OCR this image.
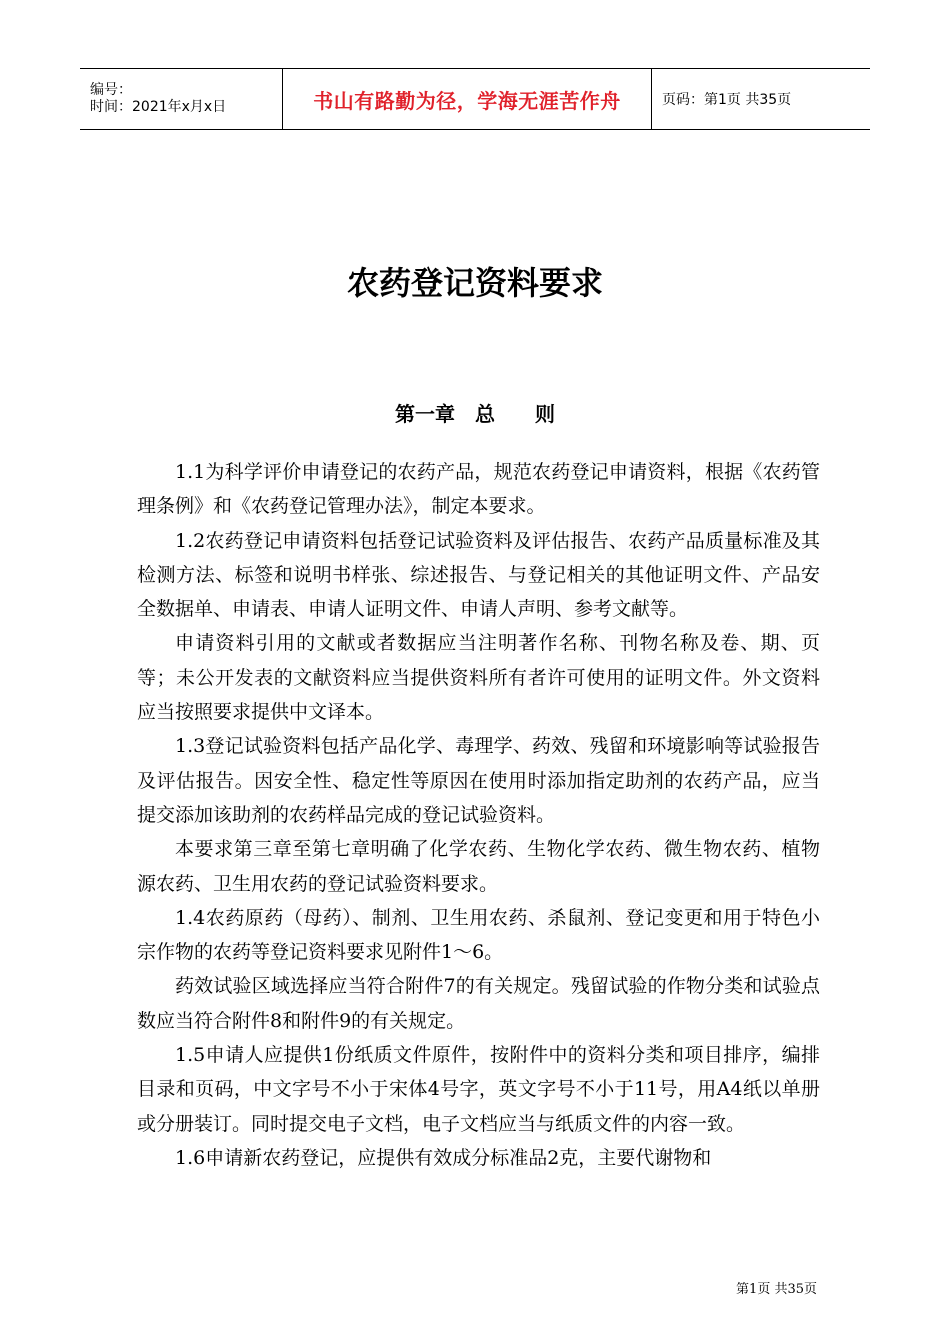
编号：
时间：2021年x月x日	书山有路勤为径，学海无涯苦作舟	页码：第1页 共35页
农药登记资料要求
第一章　总　　则

1.1为科学评价申请登记的农药产品，规范农药登记申请资料，根据《农药管理条例》和《农药登记管理办法》，制定本要求。

1.2农药登记申请资料包括登记试验资料及评估报告、农药产品质量标准及其检测方法、标签和说明书样张、综述报告、与登记相关的其他证明文件、产品安全数据单、申请表、申请人证明文件、申请人声明、参考文献等。

申请资料引用的文献或者数据应当注明著作名称、刊物名称及卷、期、页等；未公开发表的文献资料应当提供资料所有者许可使用的证明文件。外文资料应当按照要求提供中文译本。

1.3登记试验资料包括产品化学、毒理学、药效、残留和环境影响等试验报告及评估报告。因安全性、稳定性等原因在使用时添加指定助剂的农药产品，应当提交添加该助剂的农药样品完成的登记试验资料。

本要求第三章至第七章明确了化学农药、生物化学农药、微生物农药、植物源农药、卫生用农药的登记试验资料要求。

1.4农药原药（母药）、制剂、卫生用农药、杀鼠剂、登记变更和用于特色小宗作物的农药等登记资料要求见附件1～6。

药效试验区域选择应当符合附件7的有关规定。残留试验的作物分类和试验点数应当符合附件8和附件9的有关规定。

1.5申请人应提供1份纸质文件原件，按附件中的资料分类和项目排序，编排目录和页码，中文字号不小于宋体4号字，英文字号不小于11号，用A4纸以单册或分册装订。同时提交电子文档，电子文档应当与纸质文件的内容一致。

1.6申请新农药登记，应提供有效成分标准品2克，主要代谢物和

第1页 共35页
